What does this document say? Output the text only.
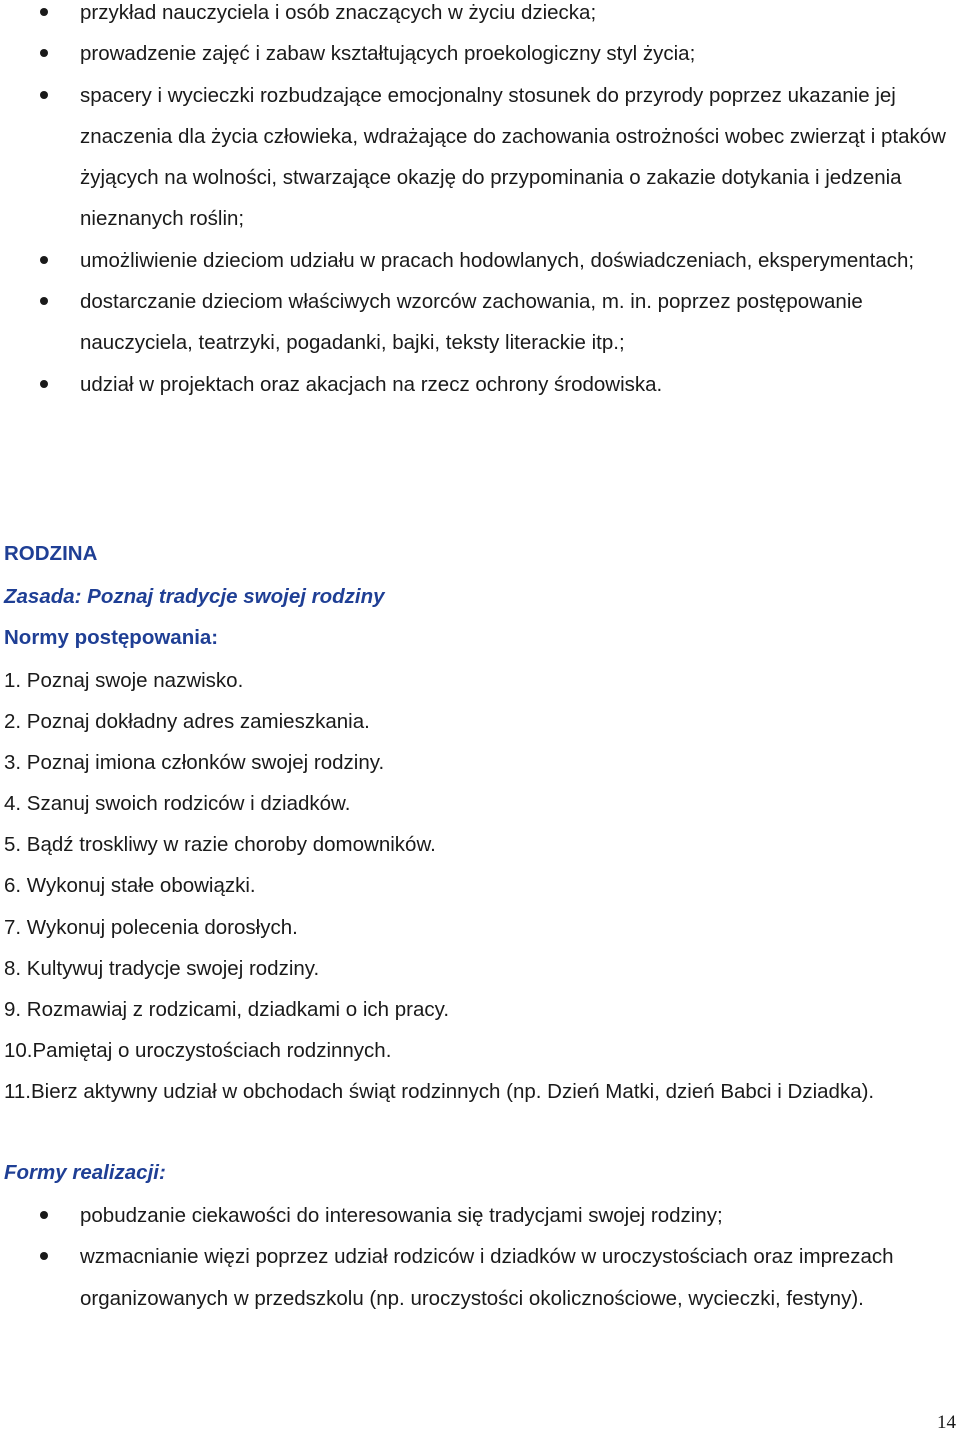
przykład nauczyciela i osób znaczących w życiu dziecka;
prowadzenie zajęć i zabaw kształtujących proekologiczny styl życia;
spacery i wycieczki rozbudzające emocjonalny stosunek do przyrody poprzez ukazanie jej znaczenia dla życia człowieka, wdrażające do zachowania ostrożności wobec zwierząt i ptaków żyjących na wolności, stwarzające okazję do przypominania o zakazie dotykania i jedzenia nieznanych roślin;
umożliwienie dzieciom udziału w pracach hodowlanych, doświadczeniach, eksperymentach;
dostarczanie dzieciom właściwych wzorców zachowania, m. in. poprzez postępowanie nauczyciela, teatrzyki, pogadanki, bajki, teksty literackie itp.;
udział w projektach oraz akacjach na rzecz ochrony środowiska.
RODZINA
Zasada: Poznaj tradycje swojej rodziny
Normy postępowania:
1. Poznaj swoje nazwisko.
2. Poznaj dokładny adres zamieszkania.
3. Poznaj imiona członków swojej rodziny.
4. Szanuj swoich rodziców i dziadków.
5. Bądź troskliwy w razie choroby domowników.
6. Wykonuj stałe obowiązki.
7. Wykonuj polecenia dorosłych.
8. Kultywuj tradycje swojej rodziny.
9. Rozmawiaj z rodzicami, dziadkami o ich pracy.
10.Pamiętaj o uroczystościach rodzinnych.
11.Bierz aktywny udział w obchodach świąt rodzinnych (np. Dzień Matki, dzień Babci i Dziadka).
Formy realizacji:
pobudzanie ciekawości do interesowania się tradycjami swojej rodziny;
wzmacnianie więzi poprzez udział rodziców i dziadków w uroczystościach oraz imprezach organizowanych w przedszkolu (np. uroczystości okolicznościowe, wycieczki, festyny).
14
